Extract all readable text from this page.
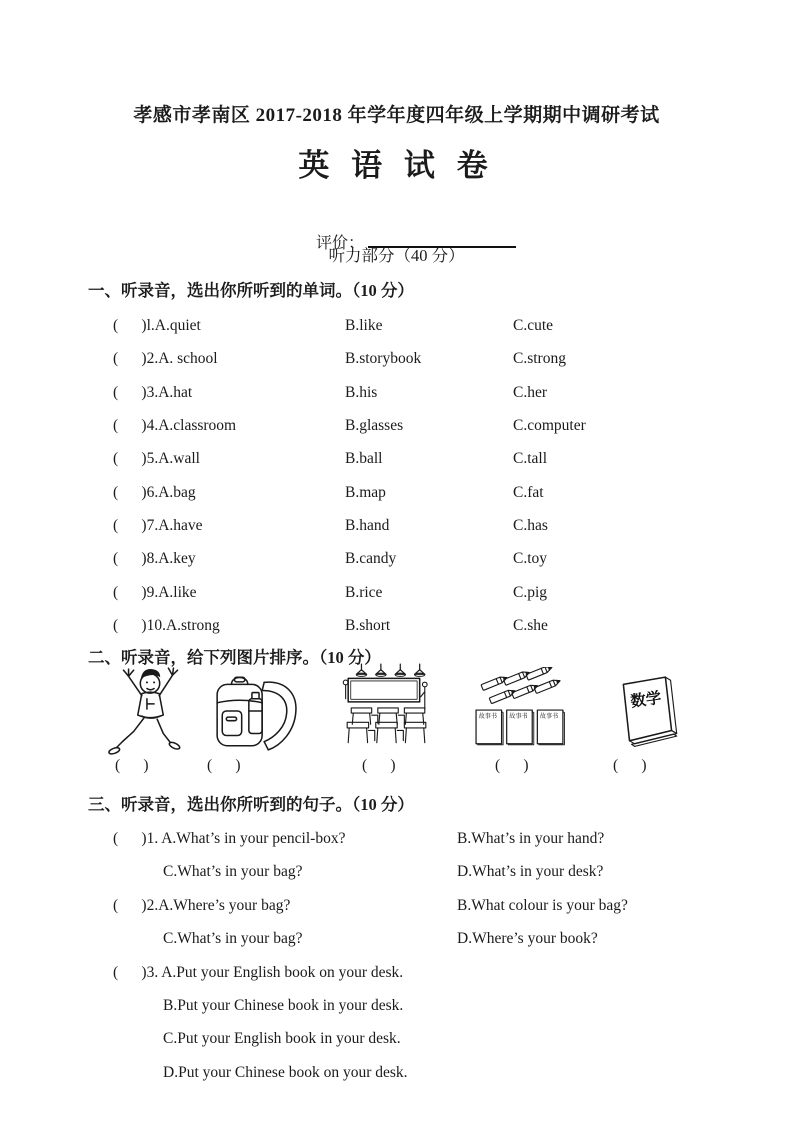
孝感市孝南区 2017-2018 年学年度四年级上学期期中调研考试
英 语 试 卷

评价：

听力部分（40 分）
一、听录音，选出你所听到的单词。（10 分）
(      )l.A.quiet	B.like	C.cute
(      )2.A. school	B.storybook	C.strong
(      )3.A.hat	B.his	C.her
(      )4.A.classroom	B.glasses	C.computer
(      )5.A.wall	B.ball	C.tall
(      )6.A.bag	B.map	C.fat
(      )7.A.have	B.hand	C.has
(      )8.A.key	B.candy	C.toy
(      )9.A.like	B.rice	C.pig
(      )10.A.strong	B.short	C.she
二、听录音，给下列图片排序。（10 分）
故事书 故事书 故事书
数学
(      )	(      )	(      )	(      )	(      )
三、听录音，选出你所听到的句子。（10 分）
(      )1. A.What’s in your pencil-box?	B.What’s in your hand?
C.What’s in your bag?	D.What’s in your desk?
(      )2.A.Where’s your bag?	B.What colour is your bag?
C.What’s in your bag?	D.Where’s your book?
(      )3. A.Put your English book on your desk.
B.Put your Chinese book in your desk.
C.Put your English book in your desk.
D.Put your Chinese book on your desk.
